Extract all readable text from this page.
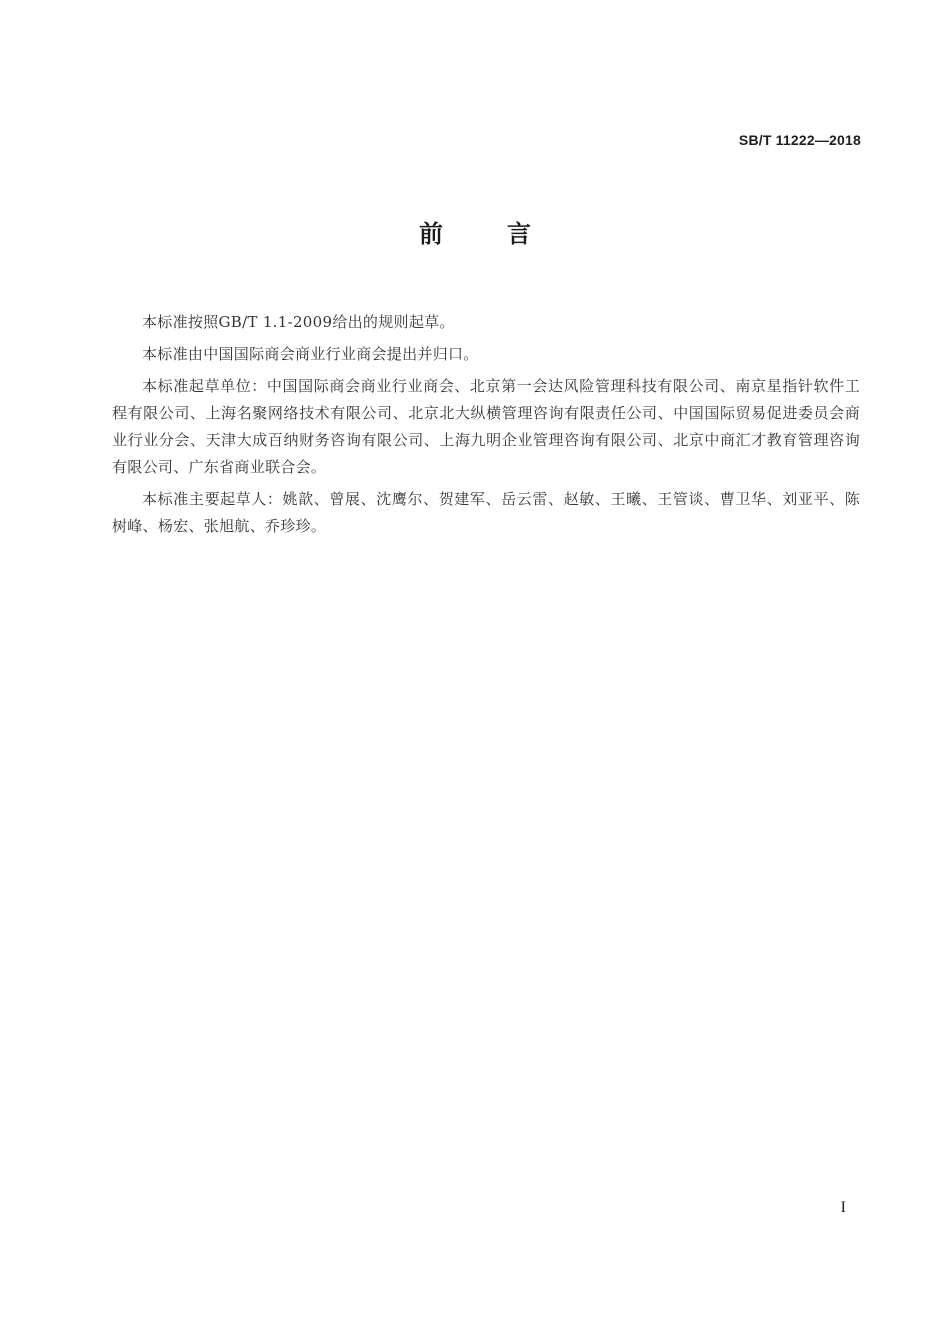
SB/T 11222—2018
前言

本标准按照GB/T 1.1-2009给出的规则起草。

本标准由中国国际商会商业行业商会提出并归口。

本标准起草单位：中国国际商会商业行业商会、北京第一会达风险管理科技有限公司、南京星指针软件工程有限公司、上海名聚网络技术有限公司、北京北大纵横管理咨询有限责任公司、中国国际贸易促进委员会商业行业分会、天津大成百纳财务咨询有限公司、上海九明企业管理咨询有限公司、北京中商汇才教育管理咨询有限公司、广东省商业联合会。

本标准主要起草人：姚歆、曾展、沈鹰尔、贺建军、岳云雷、赵敏、王曦、王管谈、曹卫华、刘亚平、陈树峰、杨宏、张旭航、乔珍珍。

I
